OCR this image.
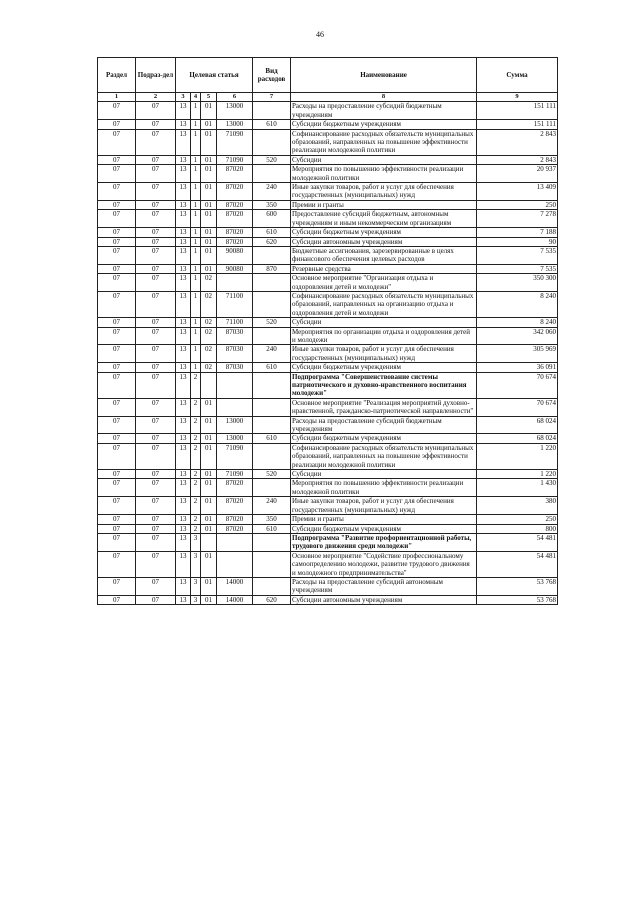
46
Раздел	Подраз-дел	Целевая статья				Вид расходов	Наименование	Сумма
1	2	3	4	5	6	7	8	9
07	07	13	1	01	13000		Расходы на предоставление субсидий бюджетным учреждениям	151 111
07	07	13	1	01	13000	610	Субсидии бюджетным учреждениям	151 111
07	07	13	1	01	71090		Софинансирование расходных обязательств муниципальных образований, направленных на повышение эффективности реализации молодежной политики	2 843
07	07	13	1	01	71090	520	Субсидии	2 843
07	07	13	1	01	87020		Мероприятия по повышению эффективности реализации молодежной политики	20 937
07	07	13	1	01	87020	240	Иные закупки товаров, работ и услуг для обеспечения государственных (муниципальных) нужд	13 409
07	07	13	1	01	87020	350	Премии и гранты	250
07	07	13	1	01	87020	600	Предоставление субсидий бюджетным, автономным учреждениям и иным некоммерческим организациям	7 278
07	07	13	1	01	87020	610	Субсидии бюджетным учреждениям	7 188
07	07	13	1	01	87020	620	Субсидии автономным учреждениям	90
07	07	13	1	01	90080		Бюджетные ассигнования, зарезервированные в целях финансового обеспечения целевых расходов	7 535
07	07	13	1	01	90080	870	Резервные средства	7 535
07	07	13	1	02			Основное мероприятие "Организация отдыха и оздоровления детей и молодежи"	350 300
07	07	13	1	02	71100		Софинансирование расходных обязательств муниципальных образований, направленных на организацию отдыха и оздоровления детей и молодежи	8 240
07	07	13	1	02	71100	520	Субсидии	8 240
07	07	13	1	02	87030		Мероприятия по организации отдыха и оздоровления детей и молодежи	342 060
07	07	13	1	02	87030	240	Иные закупки товаров, работ и услуг для обеспечения государственных (муниципальных) нужд	305 969
07	07	13	1	02	87030	610	Субсидии бюджетным учреждениям	36 091
07	07	13	2				Подпрограмма "Совершенствование системы патриотического и духовно-нравственного воспитания молодежи"	70 674
07	07	13	2	01			Основное мероприятие "Реализация мероприятий духовно-нравственной, гражданско-патриотической направленности"	70 674
07	07	13	2	01	13000		Расходы на предоставление субсидий бюджетным учреждениям	68 024
07	07	13	2	01	13000	610	Субсидии бюджетным учреждениям	68 024
07	07	13	2	01	71090		Софинансирование расходных обязательств муниципальных образований, направленных на повышение эффективности реализации молодежной политики	1 220
07	07	13	2	01	71090	520	Субсидии	1 220
07	07	13	2	01	87020		Мероприятия по повышению эффективности реализации молодежной политики	1 430
07	07	13	2	01	87020	240	Иные закупки товаров, работ и услуг для обеспечения государственных (муниципальных) нужд	380
07	07	13	2	01	87020	350	Премии и гранты	250
07	07	13	2	01	87020	610	Субсидии бюджетным учреждениям	800
07	07	13	3				Подпрограмма "Развитие профориентационной работы, трудового движения среди молодежи"	54 481
07	07	13	3	01			Основное мероприятие "Содействие профессиональному самоопределению молодежи, развитие трудового движения и молодежного предпринимательства"	54 481
07	07	13	3	01	14000		Расходы на предоставление субсидий автономным учреждениям	53 768
07	07	13	3	01	14000	620	Субсидии автономным учреждениям	53 768
